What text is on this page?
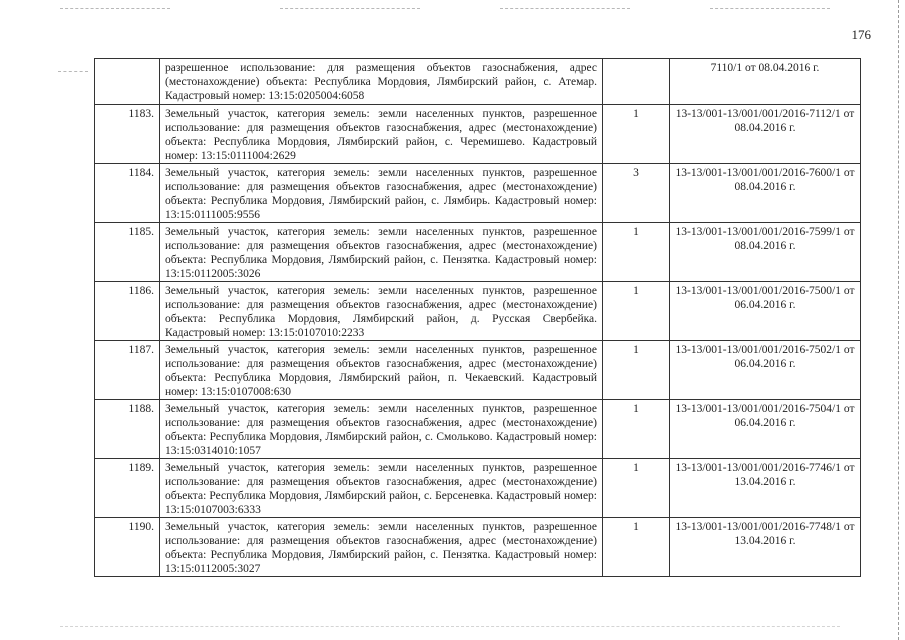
176
	разрешенное использование: для размещения объектов газоснабжения, адрес (местонахождение) объекта: Республика Мордовия, Лямбирский район, с. Атемар. Кадастровый номер: 13:15:0205004:6058		7110/1 от 08.04.2016 г.
1183.	Земельный участок, категория земель: земли населенных пунктов, разрешенное использование: для размещения объектов газоснабжения, адрес (местонахождение) объекта: Республика Мордовия, Лямбирский район, с. Черемишево. Кадастровый номер: 13:15:0111004:2629	1	13-13/001-13/001/001/2016-7112/1 от 08.04.2016 г.
1184.	Земельный участок, категория земель: земли населенных пунктов, разрешенное использование: для размещения объектов газоснабжения, адрес (местонахождение) объекта: Республика Мордовия, Лямбирский район, с. Лямбирь. Кадастровый номер: 13:15:0111005:9556	3	13-13/001-13/001/001/2016-7600/1 от 08.04.2016 г.
1185.	Земельный участок, категория земель: земли населенных пунктов, разрешенное использование: для размещения объектов газоснабжения, адрес (местонахождение) объекта: Республика Мордовия, Лямбирский район, с. Пензятка. Кадастровый номер: 13:15:0112005:3026	1	13-13/001-13/001/001/2016-7599/1 от 08.04.2016 г.
1186.	Земельный участок, категория земель: земли населенных пунктов, разрешенное использование: для размещения объектов газоснабжения, адрес (местонахождение) объекта: Республика Мордовия, Лямбирский район, д. Русская Свербейка. Кадастровый номер: 13:15:0107010:2233	1	13-13/001-13/001/001/2016-7500/1 от 06.04.2016 г.
1187.	Земельный участок, категория земель: земли населенных пунктов, разрешенное использование: для размещения объектов газоснабжения, адрес (местонахождение) объекта: Республика Мордовия, Лямбирский район, п. Чекаевский. Кадастровый номер: 13:15:0107008:630	1	13-13/001-13/001/001/2016-7502/1 от 06.04.2016 г.
1188.	Земельный участок, категория земель: земли населенных пунктов, разрешенное использование: для размещения объектов газоснабжения, адрес (местонахождение) объекта: Республика Мордовия, Лямбирский район, с. Смольково. Кадастровый номер: 13:15:0314010:1057	1	13-13/001-13/001/001/2016-7504/1 от 06.04.2016 г.
1189.	Земельный участок, категория земель: земли населенных пунктов, разрешенное использование: для размещения объектов газоснабжения, адрес (местонахождение) объекта: Республика Мордовия, Лямбирский район, с. Берсеневка. Кадастровый номер: 13:15:0107003:6333	1	13-13/001-13/001/001/2016-7746/1 от 13.04.2016 г.
1190.	Земельный участок, категория земель: земли населенных пунктов, разрешенное использование: для размещения объектов газоснабжения, адрес (местонахождение) объекта: Республика Мордовия, Лямбирский район, с. Пензятка. Кадастровый номер: 13:15:0112005:3027	1	13-13/001-13/001/001/2016-7748/1 от 13.04.2016 г.
